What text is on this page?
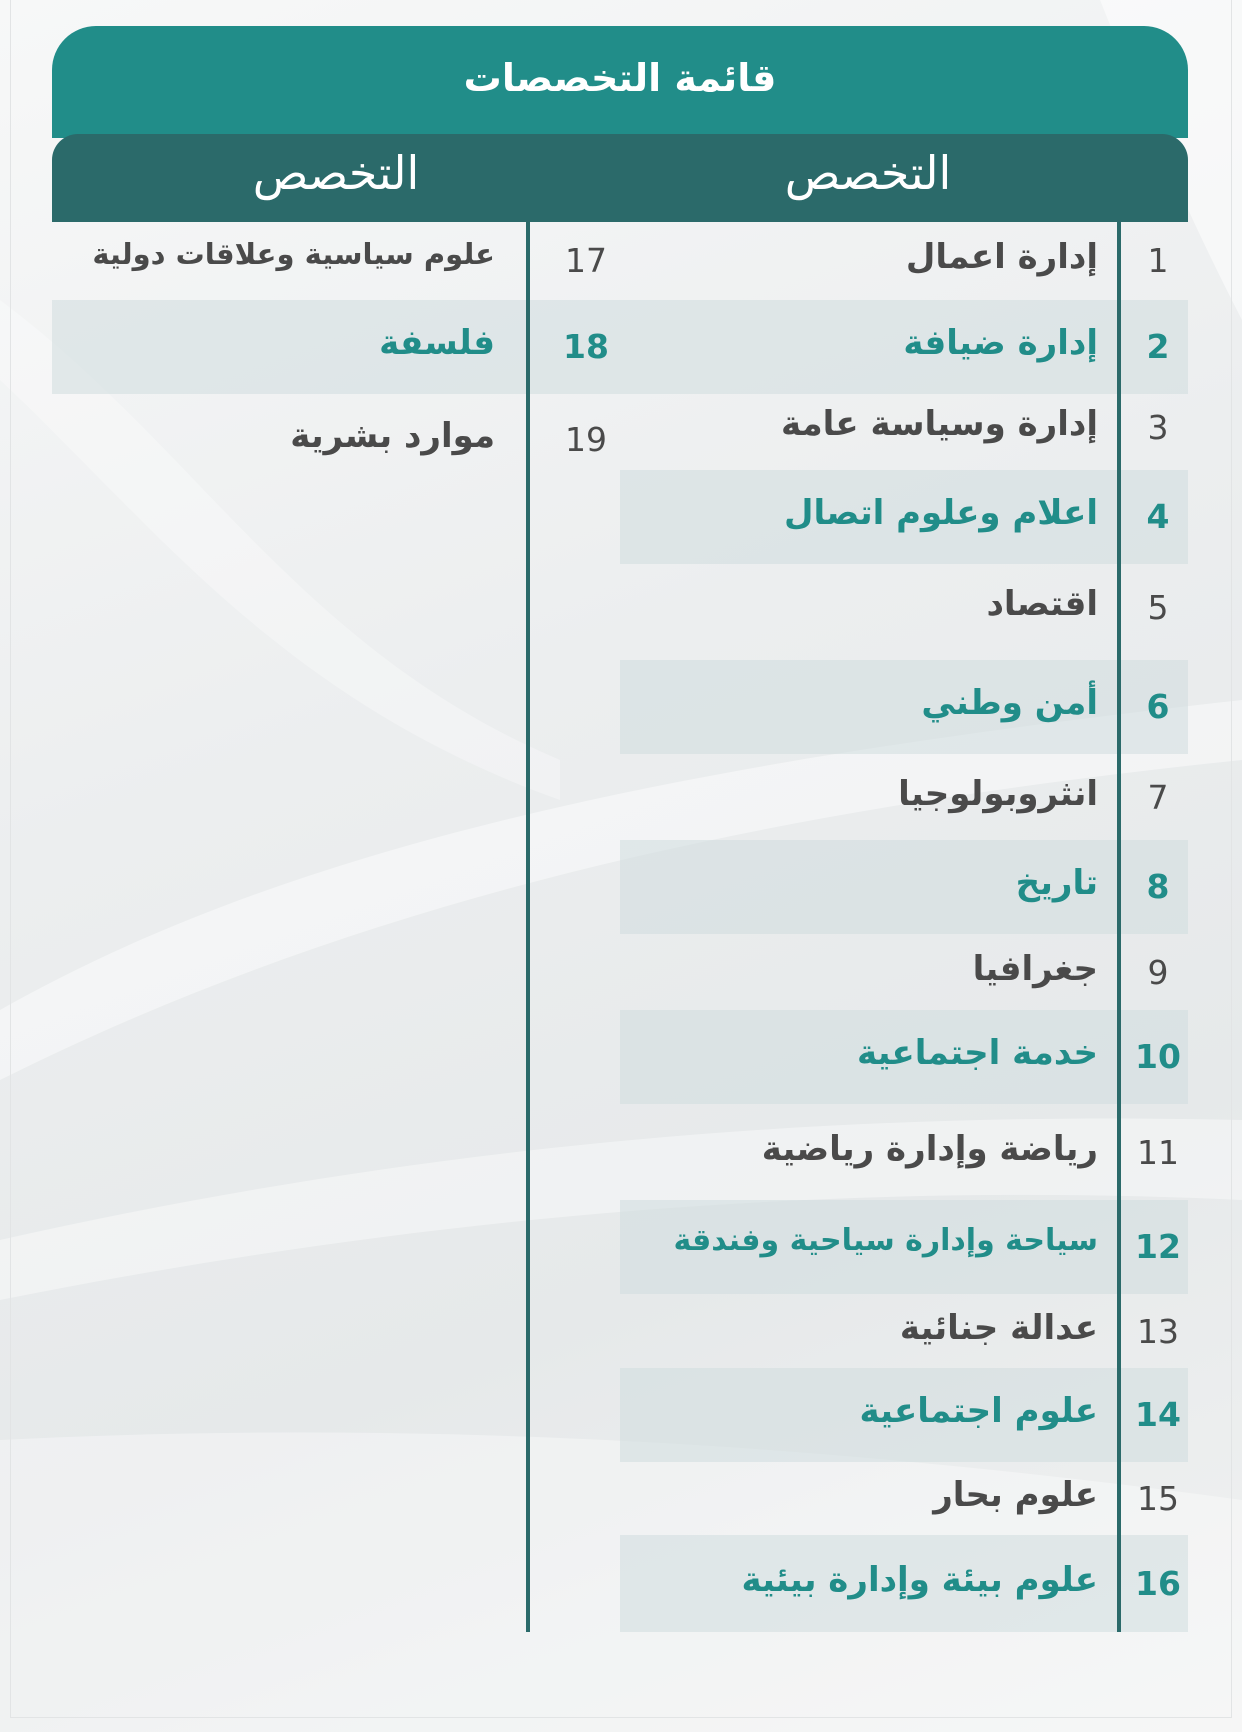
قائمة التخصصات
التخصص
التخصص
1
إدارة اعمال
2
إدارة ضيافة
3
إدارة وسياسة عامة
4
اعلام وعلوم اتصال
5
اقتصاد
6
أمن وطني
7
انثروبولوجيا
8
تاريخ
9
جغرافيا
10
خدمة اجتماعية
11
رياضة وإدارة رياضية
12
سياحة وإدارة سياحية وفندقة
13
عدالة جنائية
14
علوم اجتماعية
15
علوم بحار
16
علوم بيئة وإدارة بيئية
17
علوم سياسية وعلاقات دولية
18
فلسفة
19
موارد بشرية
